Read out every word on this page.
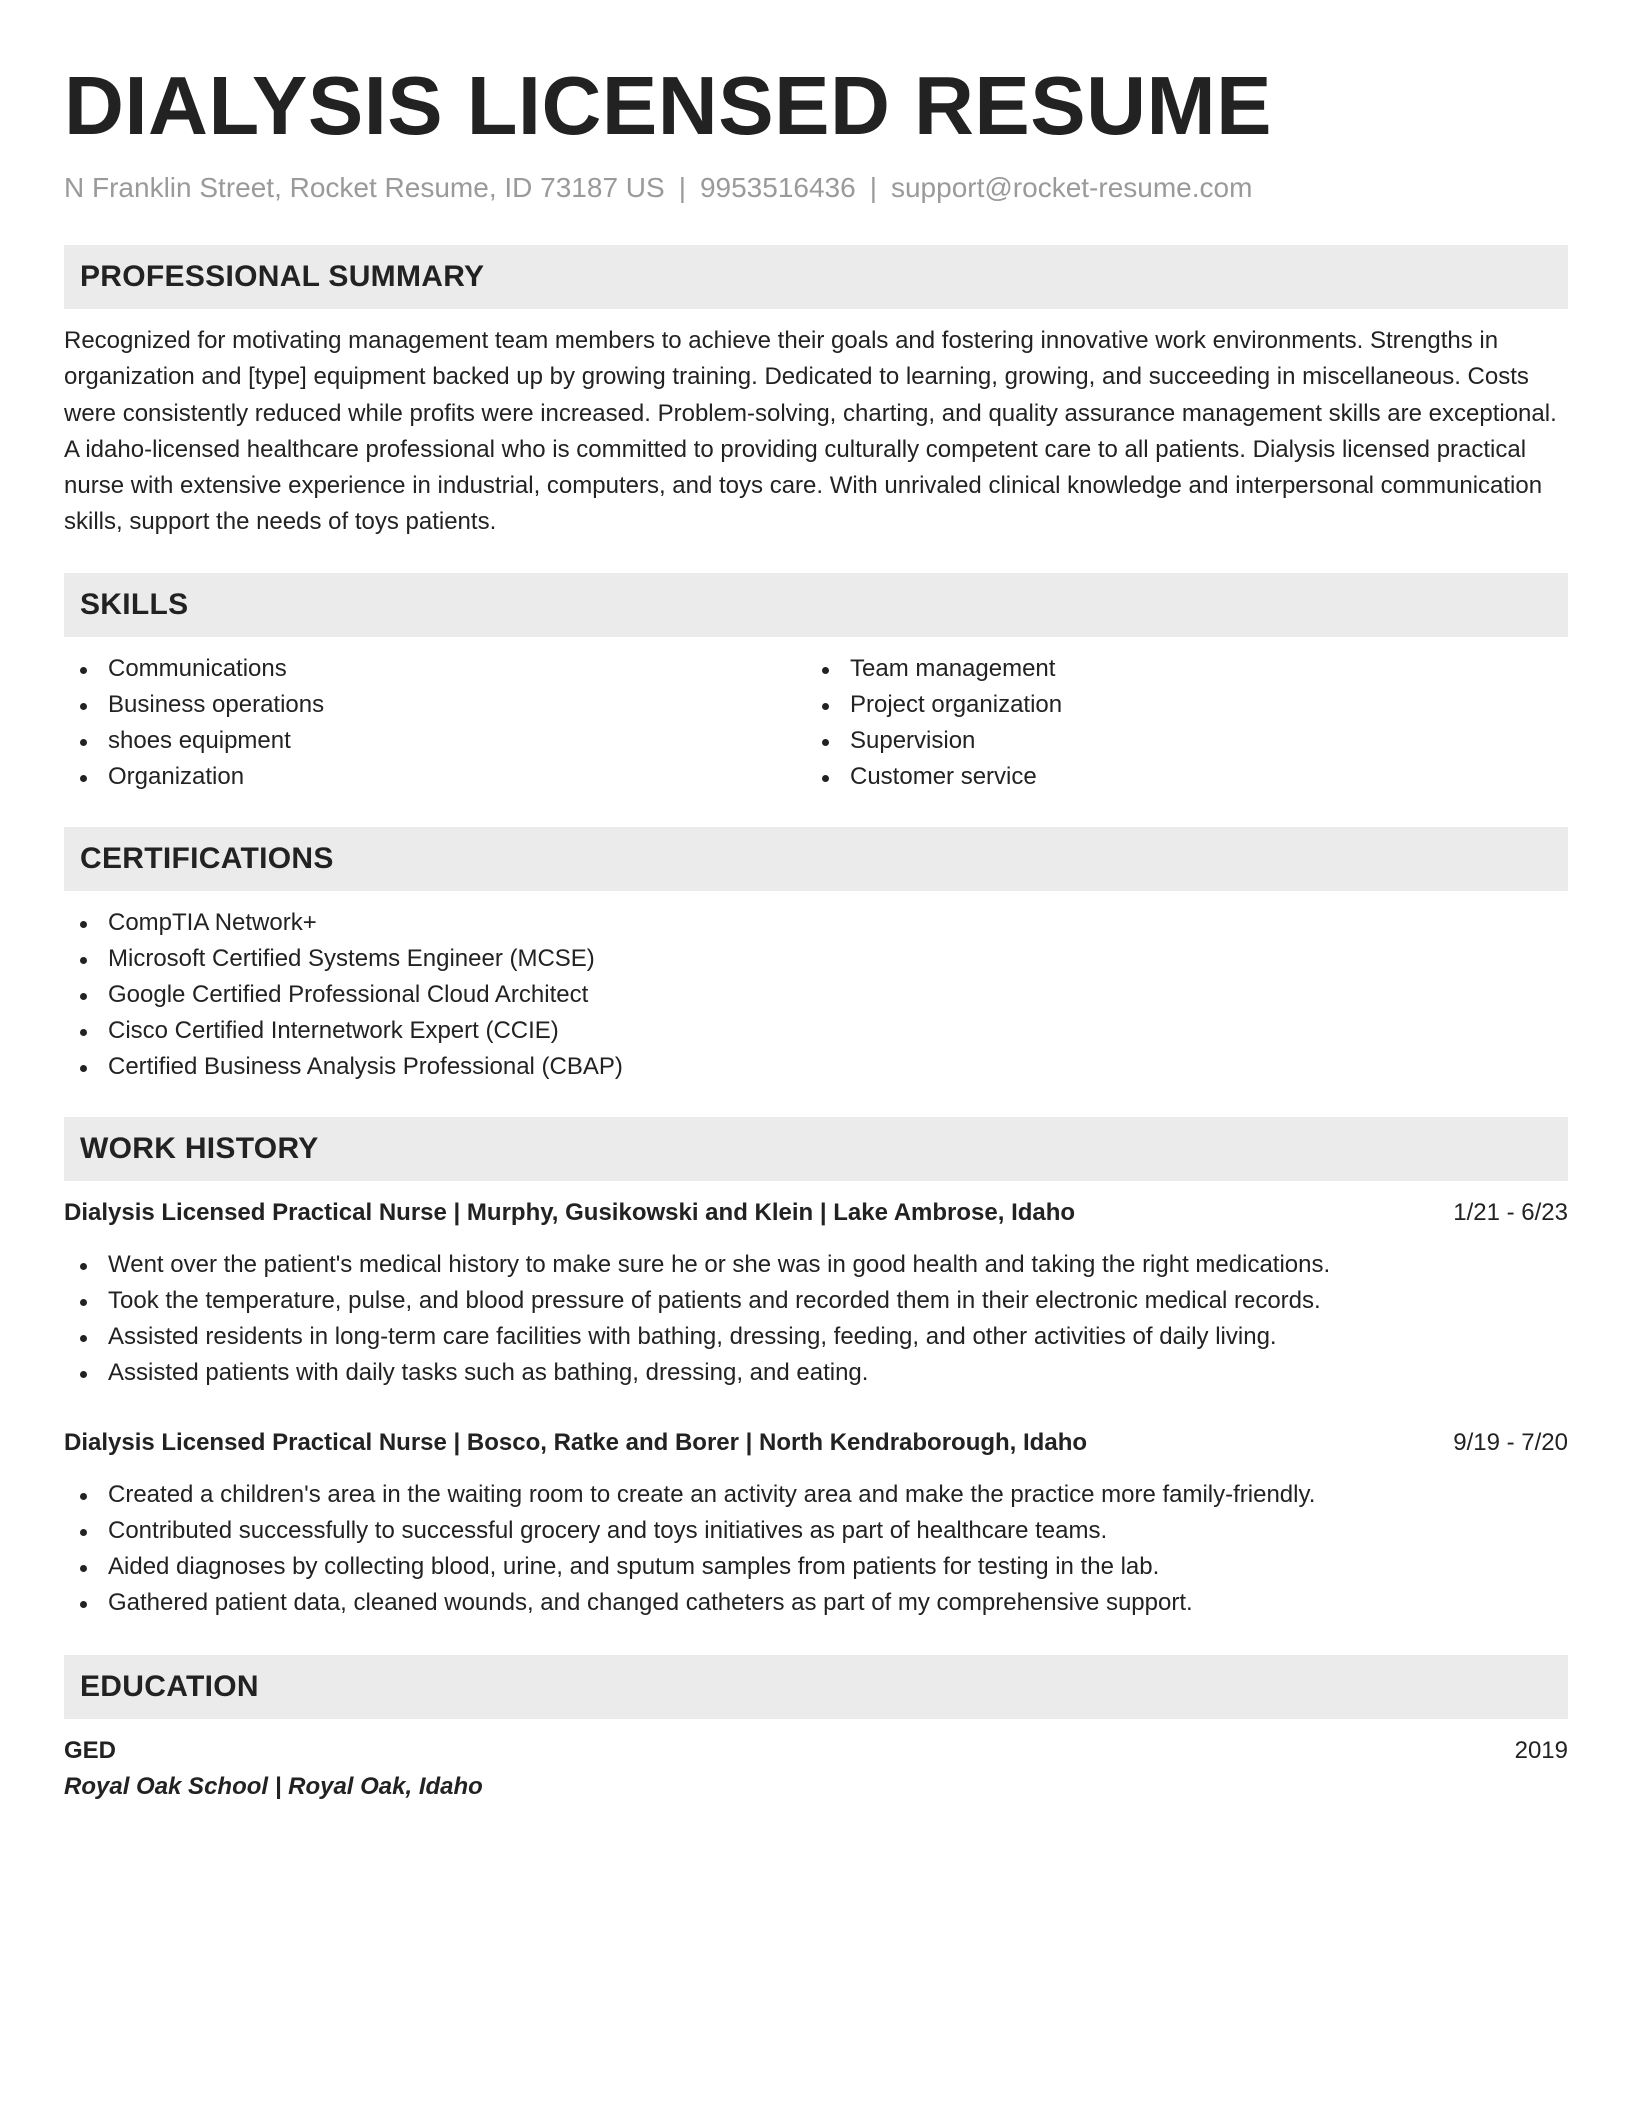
DIALYSIS LICENSED RESUME
N Franklin Street, Rocket Resume, ID 73187 US | 9953516436 | support@rocket-resume.com
PROFESSIONAL SUMMARY
Recognized for motivating management team members to achieve their goals and fostering innovative work environments. Strengths in organization and [type] equipment backed up by growing training. Dedicated to learning, growing, and succeeding in miscellaneous. Costs were consistently reduced while profits were increased. Problem-solving, charting, and quality assurance management skills are exceptional. A idaho-licensed healthcare professional who is committed to providing culturally competent care to all patients. Dialysis licensed practical nurse with extensive experience in industrial, computers, and toys care. With unrivaled clinical knowledge and interpersonal communication skills, support the needs of toys patients.
SKILLS
Communications
Business operations
shoes equipment
Organization
Team management
Project organization
Supervision
Customer service
CERTIFICATIONS
CompTIA Network+
Microsoft Certified Systems Engineer (MCSE)
Google Certified Professional Cloud Architect
Cisco Certified Internetwork Expert (CCIE)
Certified Business Analysis Professional (CBAP)
WORK HISTORY
Dialysis Licensed Practical Nurse | Murphy, Gusikowski and Klein | Lake Ambrose, Idaho	1/21 - 6/23
Went over the patient's medical history to make sure he or she was in good health and taking the right medications.
Took the temperature, pulse, and blood pressure of patients and recorded them in their electronic medical records.
Assisted residents in long-term care facilities with bathing, dressing, feeding, and other activities of daily living.
Assisted patients with daily tasks such as bathing, dressing, and eating.
Dialysis Licensed Practical Nurse | Bosco, Ratke and Borer | North Kendraborough, Idaho	9/19 - 7/20
Created a children's area in the waiting room to create an activity area and make the practice more family-friendly.
Contributed successfully to successful grocery and toys initiatives as part of healthcare teams.
Aided diagnoses by collecting blood, urine, and sputum samples from patients for testing in the lab.
Gathered patient data, cleaned wounds, and changed catheters as part of my comprehensive support.
EDUCATION
GED	2019
Royal Oak School | Royal Oak, Idaho
